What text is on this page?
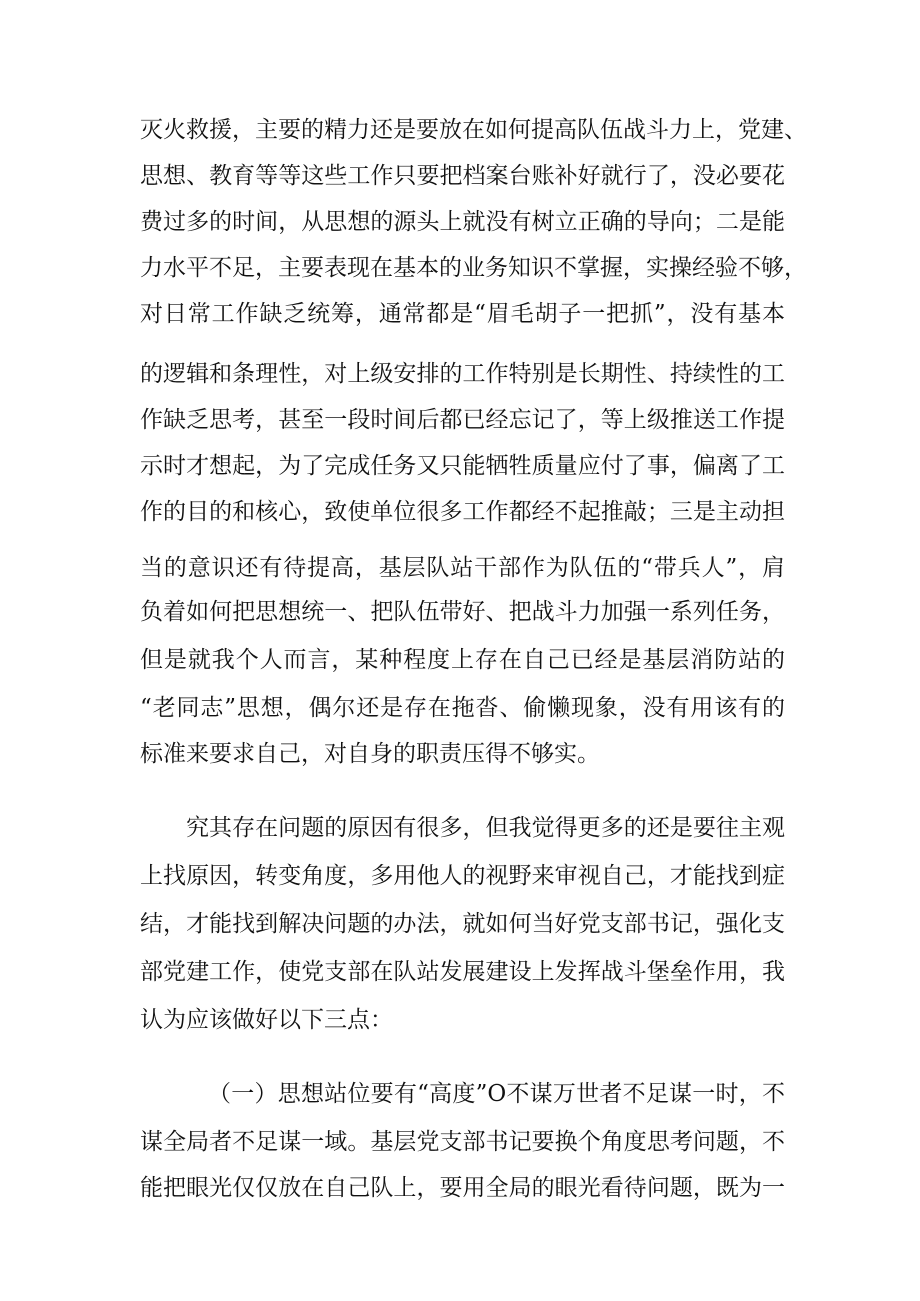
灭火救援，主要的精力还是要放在如何提高队伍战斗力上，党建、
思想、教育等等这些工作只要把档案台账补好就行了，没必要花
费过多的时间，从思想的源头上就没有树立正确的导向；二是能
力水平不足，主要表现在基本的业务知识不掌握，实操经验不够，
对日常工作缺乏统筹，通常都是“眉毛胡子一把抓”，没有基本
的逻辑和条理性，对上级安排的工作特别是长期性、持续性的工
作缺乏思考，甚至一段时间后都已经忘记了，等上级推送工作提
示时才想起，为了完成任务又只能牺牲质量应付了事，偏离了工
作的目的和核心，致使单位很多工作都经不起推敲；三是主动担
当的意识还有待提高，基层队站干部作为队伍的“带兵人”，肩
负着如何把思想统一、把队伍带好、把战斗力加强一系列任务，
但是就我个人而言，某种程度上存在自己已经是基层消防站的
“老同志”思想，偶尔还是存在拖沓、偷懒现象，没有用该有的
标准来要求自己，对自身的职责压得不够实。
究其存在问题的原因有很多，但我觉得更多的还是要往主观
上找原因，转变角度，多用他人的视野来审视自己，才能找到症
结，才能找到解决问题的办法，就如何当好党支部书记，强化支
部党建工作，使党支部在队站发展建设上发挥战斗堡垒作用，我
认为应该做好以下三点：
（一）思想站位要有“高度”O不谋万世者不足谋一时，不
谋全局者不足谋一域。基层党支部书记要换个角度思考问题，不
能把眼光仅仅放在自己队上，要用全局的眼光看待问题，既为一
